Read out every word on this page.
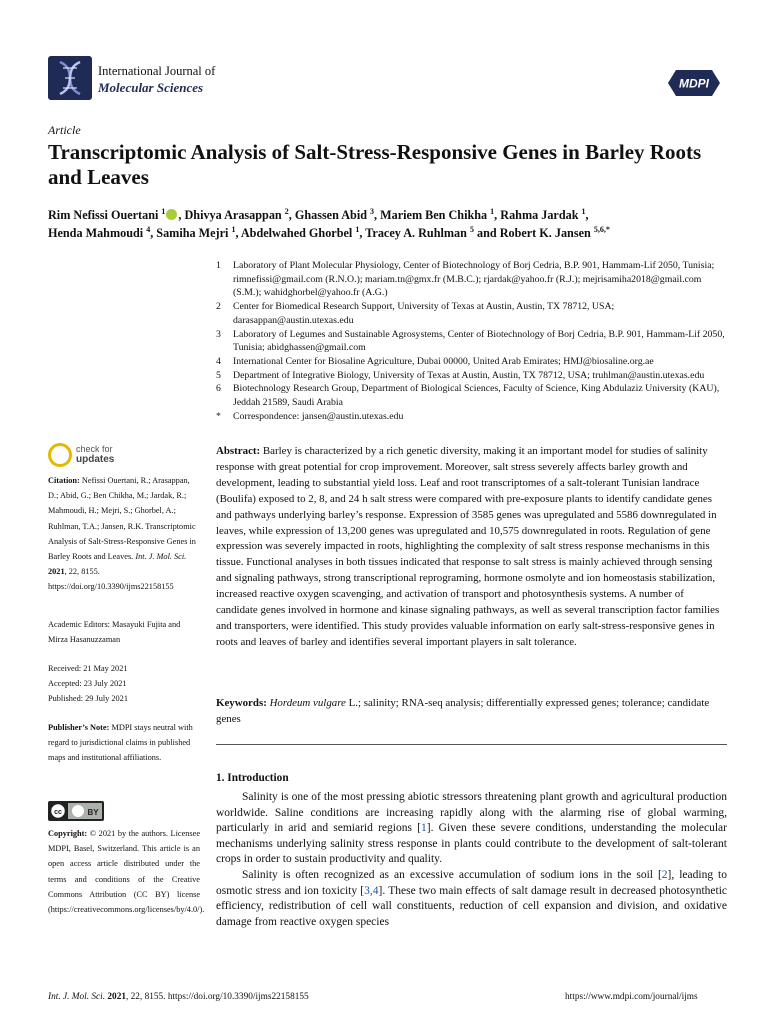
International Journal of
Molecular Sciences	MDPI
Article
Transcriptomic Analysis of Salt-Stress-Responsive Genes in Barley Roots and Leaves
Rim Nefissi Ouertani $^1$ , Dhivya Arasappan $^2$, Ghassen Abid $^3$, Mariem Ben Chikha $^1$, Rahma Jardak $^1$,
Henda Mahmoudi $^4$, Samiha Mejri $^1$, Abdelwahed Ghorbel $^1$, Tracey A. Ruhlman $^5$ and Robert K. Jansen $^{5,6,*}$
1	Laboratory of Plant Molecular Physiology, Center of Biotechnology of Borj Cedria, B.P. 901, Hammam-Lif 2050, Tunisia; rimnefissi@gmail.com (R.N.O.); mariam.tn@gmx.fr (M.B.C.); rjardak@yahoo.fr (R.J.); mejrisamiha2018@gmail.com (S.M.); wahidghorbel@yahoo.fr (A.G.)
2	Center for Biomedical Research Support, University of Texas at Austin, Austin, TX 78712, USA; darasappan@austin.utexas.edu
3	Laboratory of Legumes and Sustainable Agrosystems, Center of Biotechnology of Borj Cedria, B.P. 901, Hammam-Lif 2050, Tunisia; abidghassen@gmail.com
4	International Center for Biosaline Agriculture, Dubai 00000, United Arab Emirates; HMJ@biosaline.org.ae
5	Department of Integrative Biology, University of Texas at Austin, Austin, TX 78712, USA; truhlman@austin.utexas.edu
6	Biotechnology Research Group, Department of Biological Sciences, Faculty of Science, King Abdulaziz University (KAU), Jeddah 21589, Saudi Arabia
*	Correspondence: jansen@austin.utexas.edu
check for
updates
Citation: Nefissi Ouertani, R.; Arasappan, D.; Abid, G.; Ben Chikha, M.; Jardak, R.; Mahmoudi, H.; Mejri, S.; Ghorbel, A.; Ruhlman, T.A.; Jansen, R.K. Transcriptomic Analysis of Salt-Stress-Responsive Genes in Barley Roots and Leaves. Int. J. Mol. Sci. 2021, 22, 8155. https://doi.org/10.3390/ijms22158155
Academic Editors: Masayuki Fujita and Mirza Hasanuzzaman
Received: 21 May 2021
Accepted: 23 July 2021
Published: 29 July 2021
Publisher’s Note: MDPI stays neutral with regard to jurisdictional claims in published maps and institutional affiliations.
cc	BY
Copyright: © 2021 by the authors. Licensee MDPI, Basel, Switzerland. This article is an open access article distributed under the terms and conditions of the Creative Commons Attribution (CC BY) license (https://creativecommons.org/licenses/by/4.0/).
Abstract: Barley is characterized by a rich genetic diversity, making it an important model for studies of salinity response with great potential for crop improvement. Moreover, salt stress severely affects barley growth and development, leading to substantial yield loss. Leaf and root transcriptomes of a salt-tolerant Tunisian landrace (Boulifa) exposed to 2, 8, and 24 h salt stress were compared with pre-exposure plants to identify candidate genes and pathways underlying barley’s response. Expression of 3585 genes was upregulated and 5586 downregulated in leaves, while expression of 13,200 genes was upregulated and 10,575 downregulated in roots. Regulation of gene expression was severely impacted in roots, highlighting the complexity of salt stress response mechanisms in this tissue. Functional analyses in both tissues indicated that response to salt stress is mainly achieved through sensing and signaling pathways, strong transcriptional reprograming, hormone osmolyte and ion homeostasis stabilization, increased reactive oxygen scavenging, and activation of transport and photosynthesis systems. A number of candidate genes involved in hormone and kinase signaling pathways, as well as several transcription factor families and transporters, were identified. This study provides valuable information on early salt-stress-responsive genes in roots and leaves of barley and identifies several important players in salt tolerance.
Keywords: Hordeum vulgare L.; salinity; RNA-seq analysis; differentially expressed genes; tolerance; candidate genes
1. Introduction

Salinity is one of the most pressing abiotic stressors threatening plant growth and agricultural production worldwide. Saline conditions are increasing rapidly along with the alarming rise of global warming, particularly in arid and semiarid regions [1]. Given these severe conditions, understanding the molecular mechanisms underlying salinity stress response in plants could contribute to the development of salt-tolerant crops in order to sustain productivity and quality.

Salinity is often recognized as an excessive accumulation of sodium ions in the soil [2], leading to osmotic stress and ion toxicity [3,4]. These two main effects of salt damage result in decreased photosynthetic efficiency, redistribution of cell wall constituents, reduction of cell expansion and division, and oxidative damage from reactive oxygen species

Int. J. Mol. Sci. 2021, 22, 8155. https://doi.org/10.3390/ijms22158155	https://www.mdpi.com/journal/ijms
